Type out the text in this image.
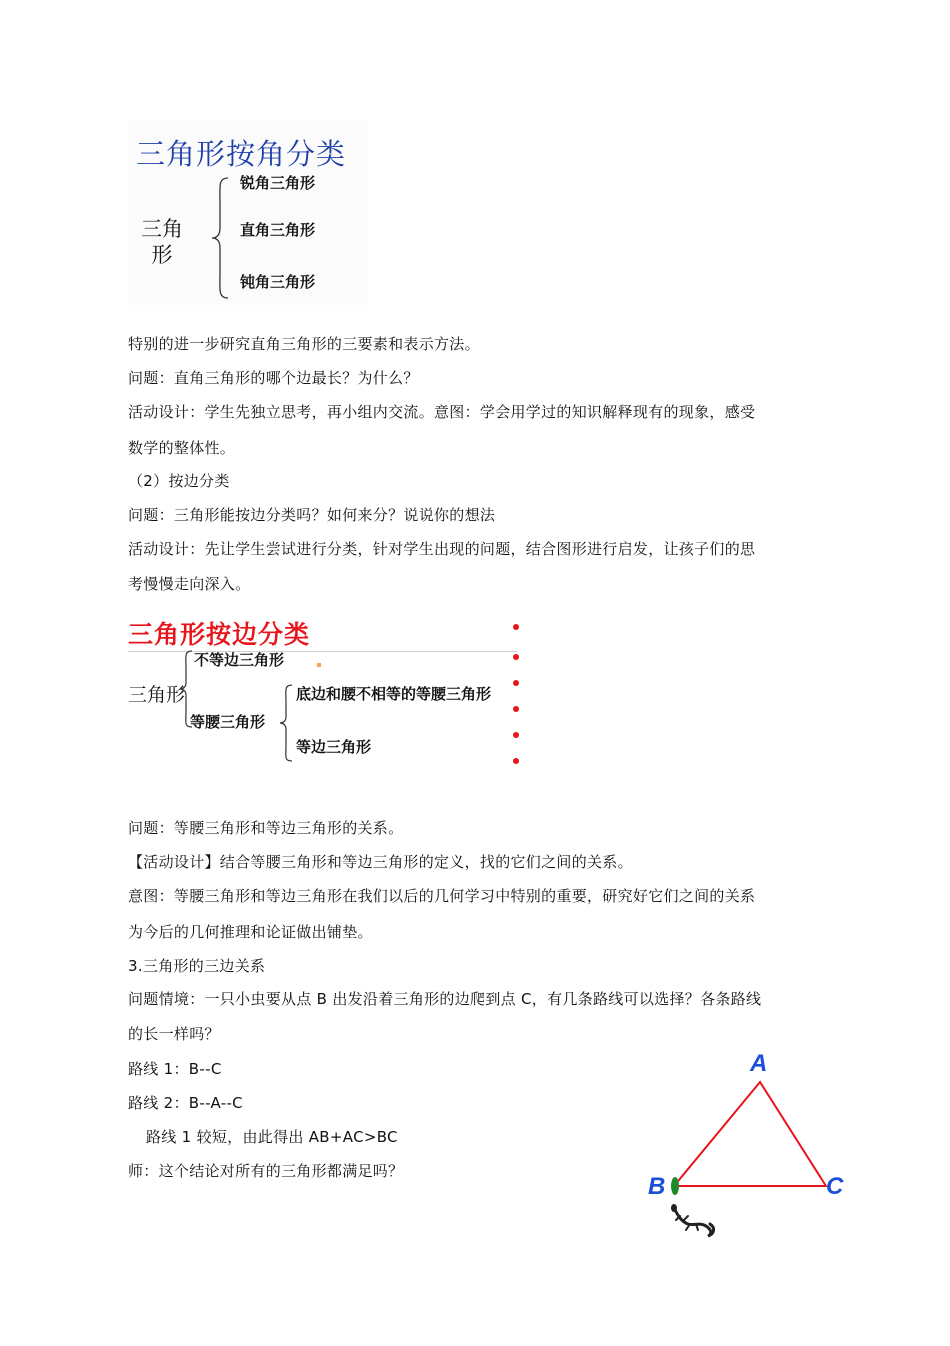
三角形按角分类
三角形
锐角三角形
直角三角形
钝角三角形
特别的进一步研究直角三角形的三要素和表示方法。
问题：直角三角形的哪个边最长？为什么？
活动设计：学生先独立思考，再小组内交流。意图：学会用学过的知识解释现有的现象，感受
数学的整体性。
（2）按边分类
问题：三角形能按边分类吗？如何来分？说说你的想法
活动设计：先让学生尝试进行分类，针对学生出现的问题，结合图形进行启发，让孩子们的思
考慢慢走向深入。
三角形按边分类
三角形
不等边三角形
等腰三角形
底边和腰不相等的等腰三角形
等边三角形
问题：等腰三角形和等边三角形的关系。
【活动设计】结合等腰三角形和等边三角形的定义，找的它们之间的关系。
意图：等腰三角形和等边三角形在我们以后的几何学习中特别的重要，研究好它们之间的关系
为今后的几何推理和论证做出铺垫。
3.三角形的三边关系
问题情境：一只小虫要从点 B 出发沿着三角形的边爬到点 C，有几条路线可以选择？各条路线
的长一样吗？
路线 1：B--C
路线 2：B--A--C
路线 1 较短，由此得出 AB+AC>BC
师：这个结论对所有的三角形都满足吗？
A
B	C
